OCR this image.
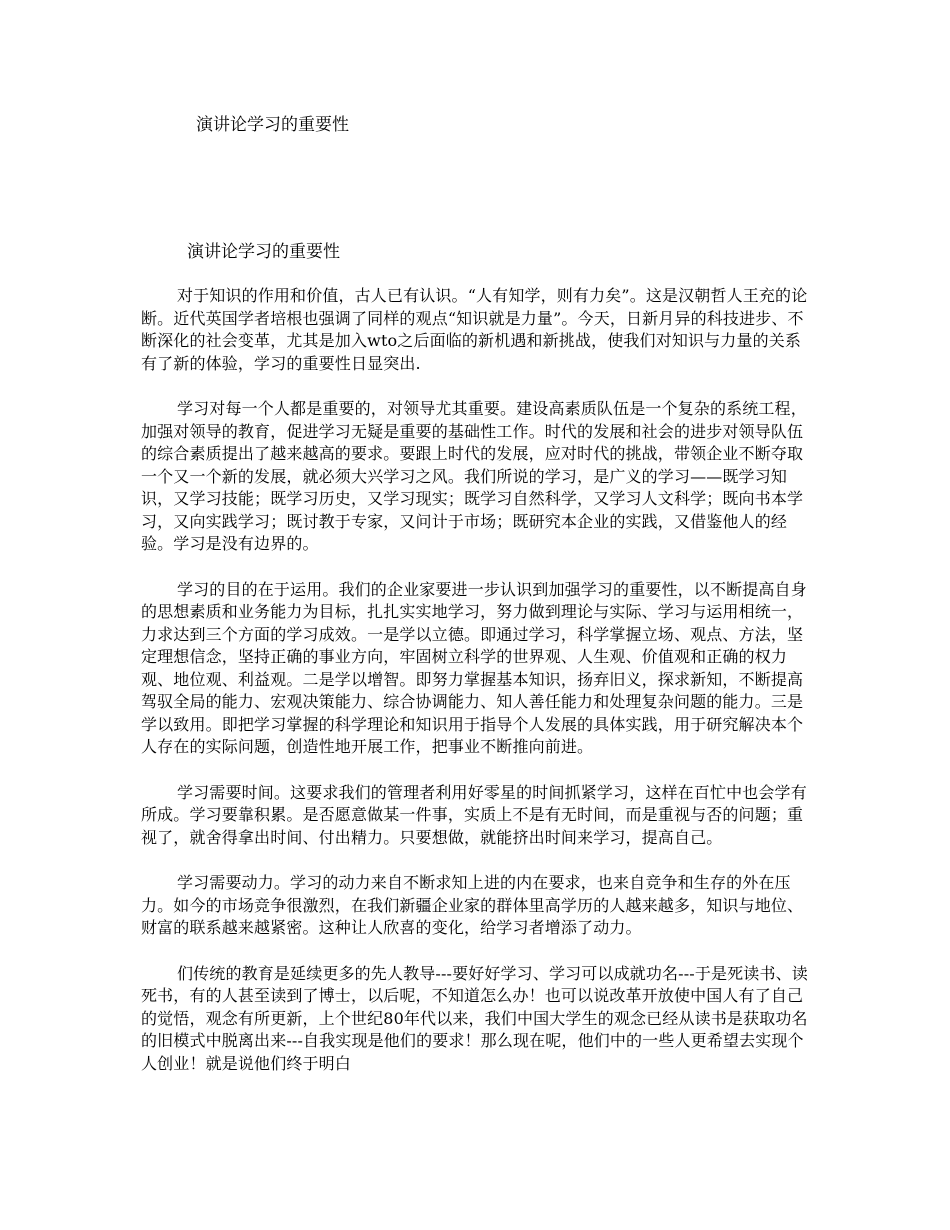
演讲论学习的重要性
演讲论学习的重要性

对于知识的作用和价值，古人已有认识。“人有知学，则有力矣”。这是汉朝哲人王充的论断。近代英国学者培根也强调了同样的观点“知识就是力量”。今天，日新月异的科技进步、不断深化的社会变革，尤其是加入wto之后面临的新机遇和新挑战，使我们对知识与力量的关系有了新的体验，学习的重要性日显突出.

学习对每一个人都是重要的，对领导尤其重要。建设高素质队伍是一个复杂的系统工程，加强对领导的教育，促进学习无疑是重要的基础性工作。时代的发展和社会的进步对领导队伍的综合素质提出了越来越高的要求。要跟上时代的发展，应对时代的挑战，带领企业不断夺取一个又一个新的发展，就必须大兴学习之风。我们所说的学习，是广义的学习——既学习知识，又学习技能；既学习历史，又学习现实；既学习自然科学，又学习人文科学；既向书本学习，又向实践学习；既讨教于专家，又问计于市场；既研究本企业的实践，又借鉴他人的经验。学习是没有边界的。

学习的目的在于运用。我们的企业家要进一步认识到加强学习的重要性，以不断提高自身的思想素质和业务能力为目标，扎扎实实地学习，努力做到理论与实际、学习与运用相统一，力求达到三个方面的学习成效。一是学以立德。即通过学习，科学掌握立场、观点、方法，坚定理想信念，坚持正确的事业方向，牢固树立科学的世界观、人生观、价值观和正确的权力观、地位观、利益观。二是学以增智。即努力掌握基本知识，扬弃旧义，探求新知，不断提高驾驭全局的能力、宏观决策能力、综合协调能力、知人善任能力和处理复杂问题的能力。三是学以致用。即把学习掌握的科学理论和知识用于指导个人发展的具体实践，用于研究解决本个人存在的实际问题，创造性地开展工作，把事业不断推向前进。

学习需要时间。这要求我们的管理者利用好零星的时间抓紧学习，这样在百忙中也会学有所成。学习要靠积累。是否愿意做某一件事，实质上不是有无时间，而是重视与否的问题；重视了，就舍得拿出时间、付出精力。只要想做，就能挤出时间来学习，提高自己。

学习需要动力。学习的动力来自不断求知上进的内在要求，也来自竞争和生存的外在压力。如今的市场竞争很激烈，在我们新疆企业家的群体里高学历的人越来越多，知识与地位、财富的联系越来越紧密。这种让人欣喜的变化，给学习者增添了动力。

们传统的教育是延续更多的先人教导---要好好学习、学习可以成就功名---于是死读书、读死书，有的人甚至读到了博士，以后呢，不知道怎么办！也可以说改革开放使中国人有了自己的觉悟，观念有所更新，上个世纪80年代以来，我们中国大学生的观念已经从读书是获取功名的旧模式中脱离出来---自我实现是他们的要求！那么现在呢，他们中的一些人更希望去实现个人创业！就是说他们终于明白
